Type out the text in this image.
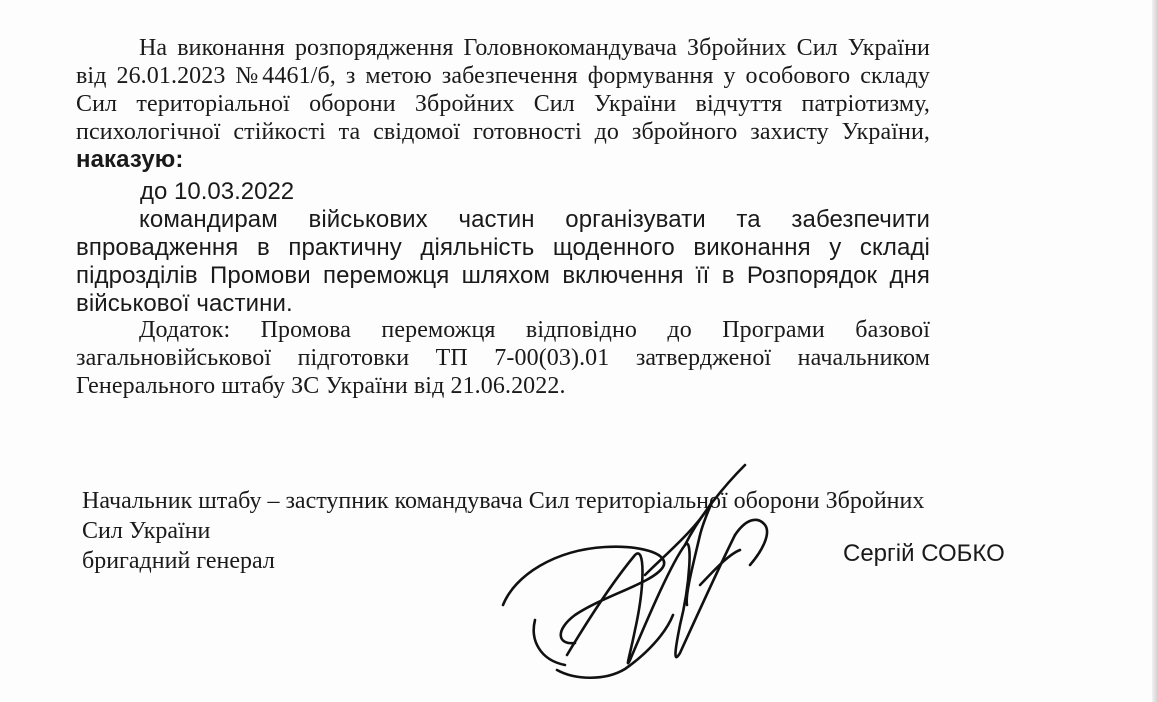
На виконання розпорядження Головнокомандувача Збройних Сил України від 26.01.2023 №4461/б, з метою забезпечення формування у особового складу Сил територіальної оборони Збройних Сил України відчуття патріотизму, психологічної стійкості та свідомої готовності до збройного захисту України, наказую:

до 10.03.2022

командирам військових частин організувати та забезпечити впровадження в практичну діяльність щоденного виконання у складі підрозділів Промови переможця шляхом включення її в Розпорядок дня військової частини.

Додаток: Промова переможця відповідно до Програми базової загальновійськової підготовки ТП 7-00(03).01 затвердженої начальником Генерального штабу ЗС України від 21.06.2022.

Начальник штабу – заступник командувача Сил територіальної оборони Збройних
Сил України
бригадний генерал	Сергій СОБКО
